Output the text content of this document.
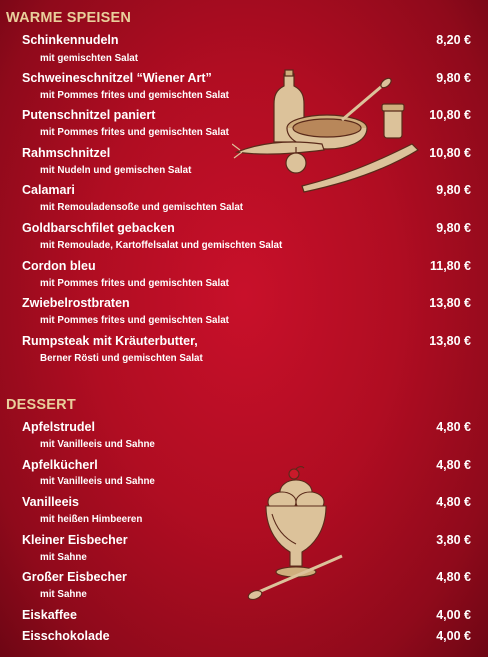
WARME SPEISEN
Schinkennudeln
mit gemischten Salat
8,20 €
Schweineschnitzel “Wiener Art”
mit Pommes frites und gemischten Salat
9,80 €
Putenschnitzel paniert
mit Pommes frites und gemischten Salat
10,80 €
Rahmschnitzel
mit Nudeln und gemischen Salat
10,80 €
Calamari
mit Remouladensoße und gemischten Salat
9,80 €
Goldbarschfilet gebacken
mit Remoulade, Kartoffelsalat und gemischten Salat
9,80 €
Cordon bleu
mit Pommes frites und gemischten Salat
11,80 €
Zwiebelrostbraten
mit Pommes frites und gemischten Salat
13,80 €
Rumpsteak mit Kräuterbutter,
Berner Rösti und gemischten Salat
13,80 €
DESSERT
Apfelstrudel
mit Vanilleeis und Sahne
4,80 €
Apfelkücherl
mit Vanilleeis und Sahne
4,80 €
Vanilleeis
mit heißen Himbeeren
4,80 €
Kleiner Eisbecher
mit Sahne
3,80 €
Großer Eisbecher
mit Sahne
4,80 €
Eiskaffee	4,00 €
Eisschokolade	4,00 €
